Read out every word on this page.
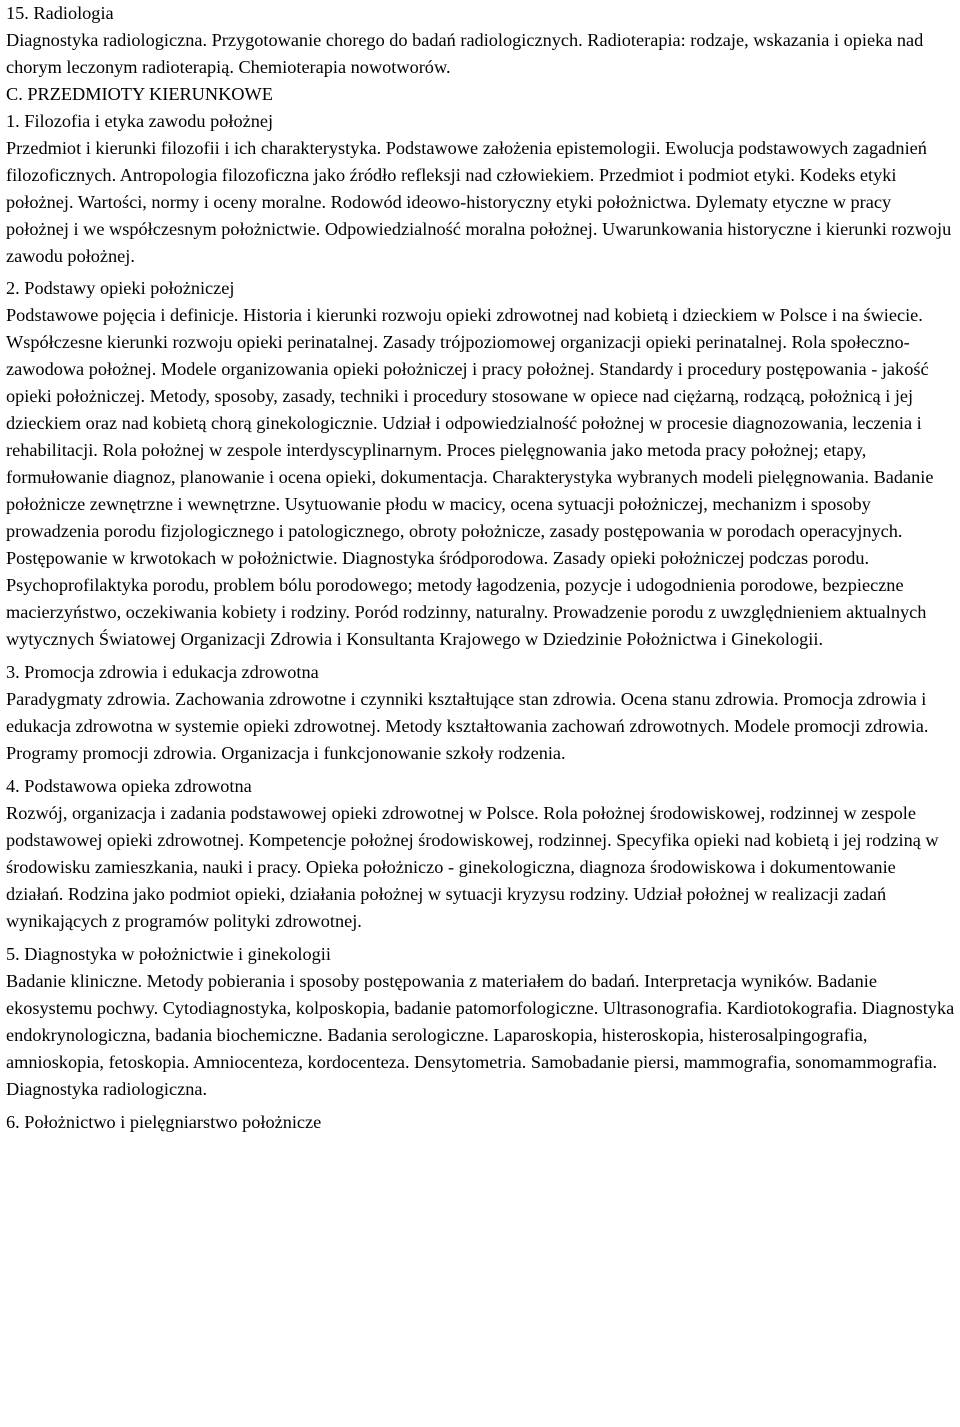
15. Radiologia
Diagnostyka radiologiczna. Przygotowanie chorego do badań radiologicznych. Radioterapia: rodzaje, wskazania i opieka nad chorym leczonym radioterapią. Chemioterapia nowotworów.
C. PRZEDMIOTY KIERUNKOWE
1. Filozofia i etyka zawodu położnej
Przedmiot i kierunki filozofii i ich charakterystyka. Podstawowe założenia epistemologii. Ewolucja podstawowych zagadnień filozoficznych. Antropologia filozoficzna jako źródło refleksji nad człowiekiem. Przedmiot i podmiot etyki. Kodeks etyki położnej. Wartości, normy i oceny moralne. Rodowód ideowo-historyczny etyki położnictwa. Dylematy etyczne w pracy położnej i we współczesnym położnictwie. Odpowiedzialność moralna położnej. Uwarunkowania historyczne i kierunki rozwoju zawodu położnej.
2. Podstawy opieki położniczej
Podstawowe pojęcia i definicje. Historia i kierunki rozwoju opieki zdrowotnej nad kobietą i dzieckiem w Polsce i na świecie. Współczesne kierunki rozwoju opieki perinatalnej. Zasady trójpoziomowej organizacji opieki perinatalnej. Rola społeczno-zawodowa położnej. Modele organizowania opieki położniczej i pracy położnej. Standardy i procedury postępowania - jakość opieki położniczej. Metody, sposoby, zasady, techniki i procedury stosowane w opiece nad ciężarną, rodzącą, położnicą i jej dzieckiem oraz nad kobietą chorą ginekologicznie. Udział i odpowiedzialność położnej w procesie diagnozowania, leczenia i rehabilitacji. Rola położnej w zespole interdyscyplinarnym. Proces pielęgnowania jako metoda pracy położnej; etapy, formułowanie diagnoz, planowanie i ocena opieki, dokumentacja. Charakterystyka wybranych modeli pielęgnowania. Badanie położnicze zewnętrzne i wewnętrzne. Usytuowanie płodu w macicy, ocena sytuacji położniczej, mechanizm i sposoby prowadzenia porodu fizjologicznego i patologicznego, obroty położnicze, zasady postępowania w porodach operacyjnych. Postępowanie w krwotokach w położnictwie. Diagnostyka śródporodowa. Zasady opieki położniczej podczas porodu. Psychoprofilaktyka porodu, problem bólu porodowego; metody łagodzenia, pozycje i udogodnienia porodowe, bezpieczne macierzyństwo, oczekiwania kobiety i rodziny. Poród rodzinny, naturalny. Prowadzenie porodu z uwzględnieniem aktualnych wytycznych Światowej Organizacji Zdrowia i Konsultanta Krajowego w Dziedzinie Położnictwa i Ginekologii.
3. Promocja zdrowia i edukacja zdrowotna
Paradygmaty zdrowia. Zachowania zdrowotne i czynniki kształtujące stan zdrowia. Ocena stanu zdrowia. Promocja zdrowia i edukacja zdrowotna w systemie opieki zdrowotnej. Metody kształtowania zachowań zdrowotnych. Modele promocji zdrowia. Programy promocji zdrowia. Organizacja i funkcjonowanie szkoły rodzenia.
4. Podstawowa opieka zdrowotna
Rozwój, organizacja i zadania podstawowej opieki zdrowotnej w Polsce. Rola położnej środowiskowej, rodzinnej w zespole podstawowej opieki zdrowotnej. Kompetencje położnej środowiskowej, rodzinnej. Specyfika opieki nad kobietą i jej rodziną w środowisku zamieszkania, nauki i pracy. Opieka położniczo - ginekologiczna, diagnoza środowiskowa i dokumentowanie działań. Rodzina jako podmiot opieki, działania położnej w sytuacji kryzysu rodziny. Udział położnej w realizacji zadań wynikających z programów polityki zdrowotnej.
5. Diagnostyka w położnictwie i ginekologii
Badanie kliniczne. Metody pobierania i sposoby postępowania z materiałem do badań. Interpretacja wyników. Badanie ekosystemu pochwy. Cytodiagnostyka, kolposkopia, badanie patomorfologiczne. Ultrasonografia. Kardiotokografia. Diagnostyka endokrynologiczna, badania biochemiczne. Badania serologiczne. Laparoskopia, histeroskopia, histerosalpingografia, amnioskopia, fetoskopia. Amniocenteza, kordocenteza. Densytometria. Samobadanie piersi, mammografia, sonomammografia. Diagnostyka radiologiczna.
6. Położnictwo i pielęgniarstwo położnicze
